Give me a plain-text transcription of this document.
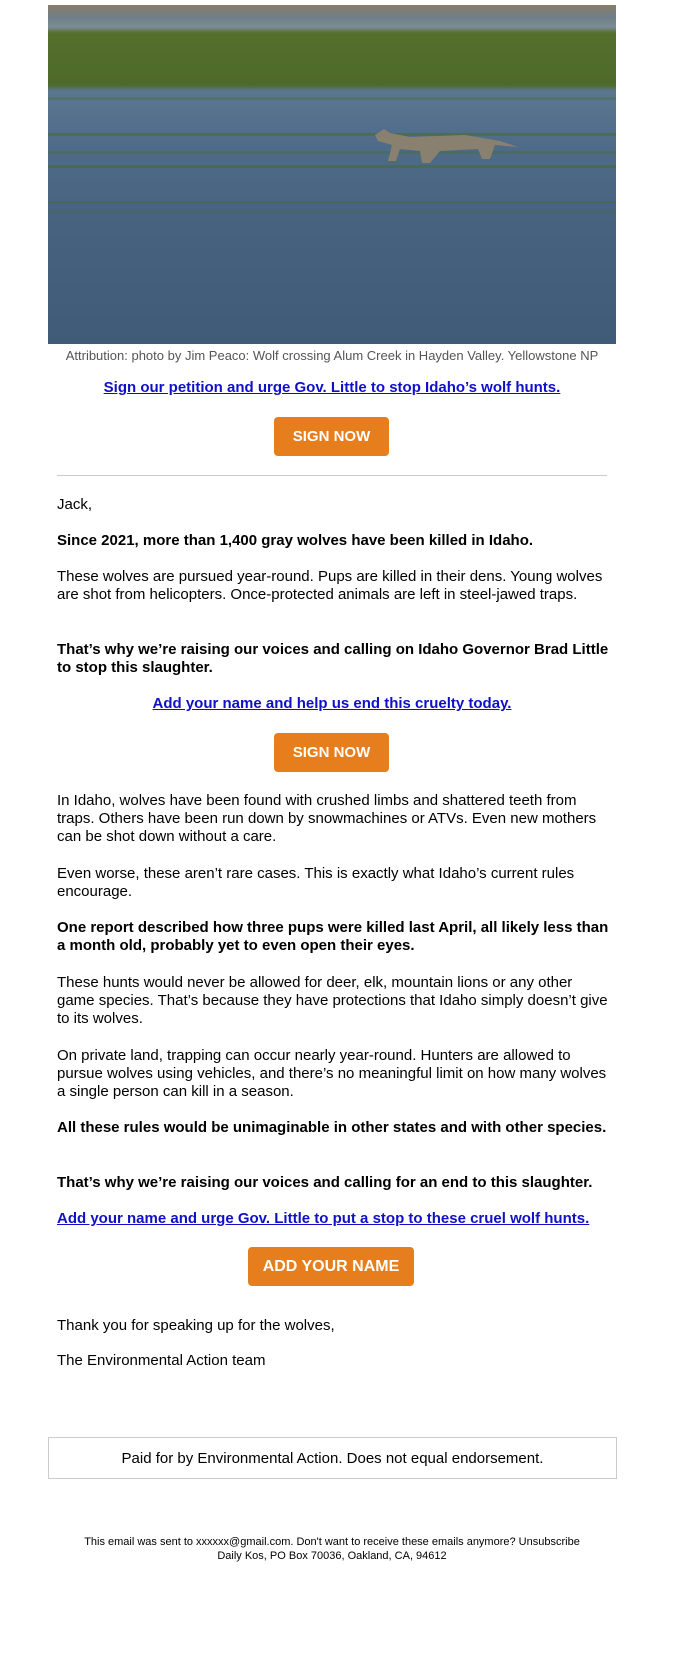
Attribution: photo by Jim Peaco: Wolf crossing Alum Creek in Hayden Valley. Yellowstone NP
Sign our petition and urge Gov. Little to stop Idaho’s wolf hunts.
SIGN NOW
Jack,
Since 2021, more than 1,400 gray wolves have been killed in Idaho.
These wolves are pursued year-round. Pups are killed in their dens. Young wolves are shot from helicopters. Once-protected animals are left in steel-jawed traps.
That’s why we’re raising our voices and calling on Idaho Governor Brad Little to stop this slaughter.
Add your name and help us end this cruelty today.
SIGN NOW
In Idaho, wolves have been found with crushed limbs and shattered teeth from traps. Others have been run down by snowmachines or ATVs. Even new mothers can be shot down without a care.
Even worse, these aren’t rare cases. This is exactly what Idaho’s current rules encourage.
One report described how three pups were killed last April, all likely less than a month old, probably yet to even open their eyes.
These hunts would never be allowed for deer, elk, mountain lions or any other game species. That’s because they have protections that Idaho simply doesn’t give to its wolves.
On private land, trapping can occur nearly year-round. Hunters are allowed to pursue wolves using vehicles, and there’s no meaningful limit on how many wolves a single person can kill in a season.
All these rules would be unimaginable in other states and with other species.
That’s why we’re raising our voices and calling for an end to this slaughter.
Add your name and urge Gov. Little to put a stop to these cruel wolf hunts.
ADD YOUR NAME
Thank you for speaking up for the wolves,
The Environmental Action team
Paid for by Environmental Action. Does not equal endorsement.
This email was sent to xxxxxx@gmail.com. Don't want to receive these emails anymore? Unsubscribe
Daily Kos, PO Box 70036, Oakland, CA, 94612
